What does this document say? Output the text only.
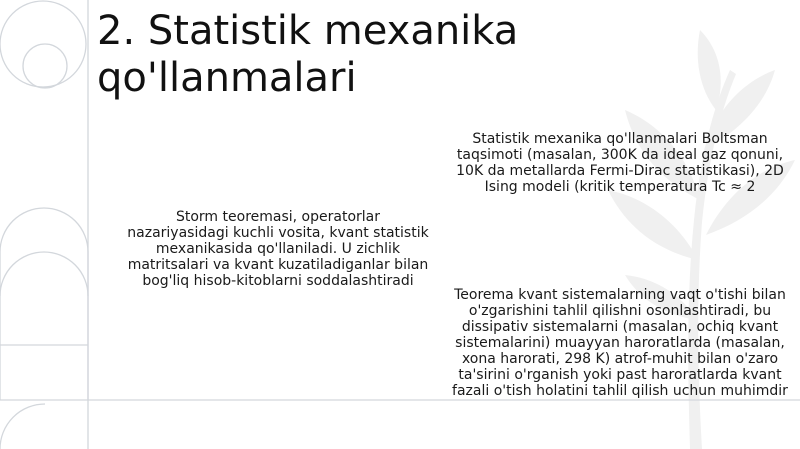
2. Statistik mexanika
qo'llanmalari
Storm teoremasi, operatorlar
nazariyasidagi kuchli vosita, kvant statistik
mexanikasida qo'llaniladi. U zichlik
matritsalari va kvant kuzatiladiganlar bilan
bog'liq hisob-kitoblarni soddalashtiradi
Statistik mexanika qo'llanmalari Boltsman
taqsimoti (masalan, 300K da ideal gaz qonuni,
10K da metallarda Fermi-Dirac statistikasi), 2D
Ising modeli (kritik temperatura Tc ≈ 2
Teorema kvant sistemalarning vaqt o'tishi bilan
o'zgarishini tahlil qilishni osonlashtiradi, bu
dissipativ sistemalarni (masalan, ochiq kvant
sistemalarini) muayyan haroratlarda (masalan,
xona harorati, 298 K) atrof-muhit bilan o'zaro
ta'sirini o'rganish yoki past haroratlarda kvant
fazali o'tish holatini tahlil qilish uchun muhimdir
